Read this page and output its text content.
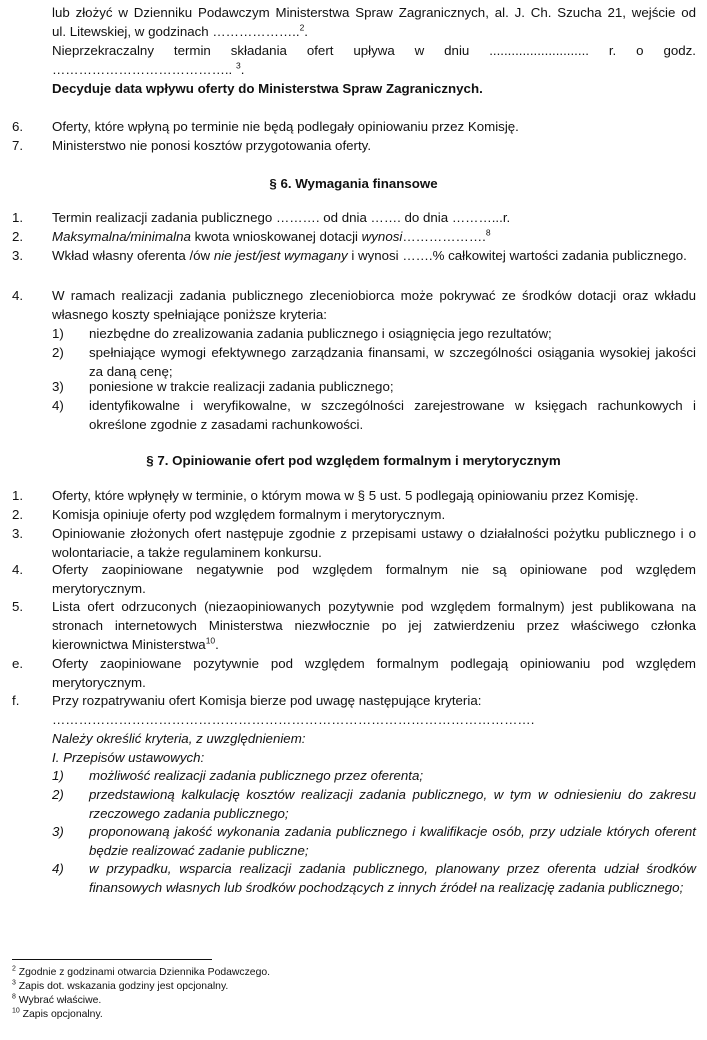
lub złożyć w Dzienniku Podawczym Ministerstwa Spraw Zagranicznych, al. J. Ch. Szucha 21, wejście od
ul. Litewskiej, w godzinach ………………..$^2$.
Nieprzekraczalny termin składania ofert upływa w dniu ........................... r. o godz.
………………………………….. $^3$.
Decyduje data wpływu oferty do Ministerstwa Spraw Zagranicznych.
6. Oferty, które wpłyną po terminie nie będą podlegały opiniowaniu przez Komisję.
7. Ministerstwo nie ponosi kosztów przygotowania oferty.
§ 6. Wymagania finansowe
1. Termin realizacji zadania publicznego ………. od dnia ……. do dnia ………...r.
2. Maksymalna/minimalna kwota wnioskowanej dotacji wynosi……………….$^8$
3. Wkład własny oferenta /ów nie jest/jest wymagany i wynosi …….% całkowitej wartości zadania publicznego.
4. W ramach realizacji zadania publicznego zleceniobiorca może pokrywać ze środków dotacji oraz wkładu własnego koszty spełniające poniższe kryteria:
1) niezbędne do zrealizowania zadania publicznego i osiągnięcia jego rezultatów;
2) spełniające wymogi efektywnego zarządzania finansami, w szczególności osiągania wysokiej jakości za daną cenę;
3) poniesione w trakcie realizacji zadania publicznego;
4) identyfikowalne i weryfikowalne, w szczególności zarejestrowane w księgach rachunkowych i określone zgodnie z zasadami rachunkowości.
§ 7. Opiniowanie ofert pod względem formalnym i merytorycznym
1. Oferty, które wpłynęły w terminie, o którym mowa w § 5 ust. 5 podlegają opiniowaniu przez Komisję.
2. Komisja opiniuje oferty pod względem formalnym i merytorycznym.
3. Opiniowanie złożonych ofert następuje zgodnie z przepisami ustawy o działalności pożytku publicznego i o wolontariacie, a także regulaminem konkursu.
4. Oferty zaopiniowane negatywnie pod względem formalnym nie są opiniowane pod względem merytorycznym.
5. Lista ofert odrzuconych (niezaopiniowanych pozytywnie pod względem formalnym) jest publikowana na stronach internetowych Ministerstwa niezwłocznie po jej zatwierdzeniu przez właściwego członka kierownictwa Ministerstwa$^{10}$.
e. Oferty zaopiniowane pozytywnie pod względem formalnym podlegają opiniowaniu pod względem merytorycznym.
f. Przy rozpatrywaniu ofert Komisja bierze pod uwagę następujące kryteria:
……………………………………………………………………………………………….
Należy określić kryteria, z uwzględnieniem:
I. Przepisów ustawowych:
1) możliwość realizacji zadania publicznego przez oferenta;
2) przedstawioną kalkulację kosztów realizacji zadania publicznego, w tym w odniesieniu do zakresu rzeczowego zadania publicznego;
3) proponowaną jakość wykonania zadania publicznego i kwalifikacje osób, przy udziale których oferent będzie realizować zadanie publiczne;
4) w przypadku, wsparcia realizacji zadania publicznego, planowany przez oferenta udział środków finansowych własnych lub środków pochodzących z innych źródeł na realizację zadania publicznego;
$^2$ Zgodnie z godzinami otwarcia Dziennika Podawczego.
$^3$ Zapis dot. wskazania godziny jest opcjonalny.
$^8$ Wybrać właściwe.
$^{10}$ Zapis opcjonalny.
